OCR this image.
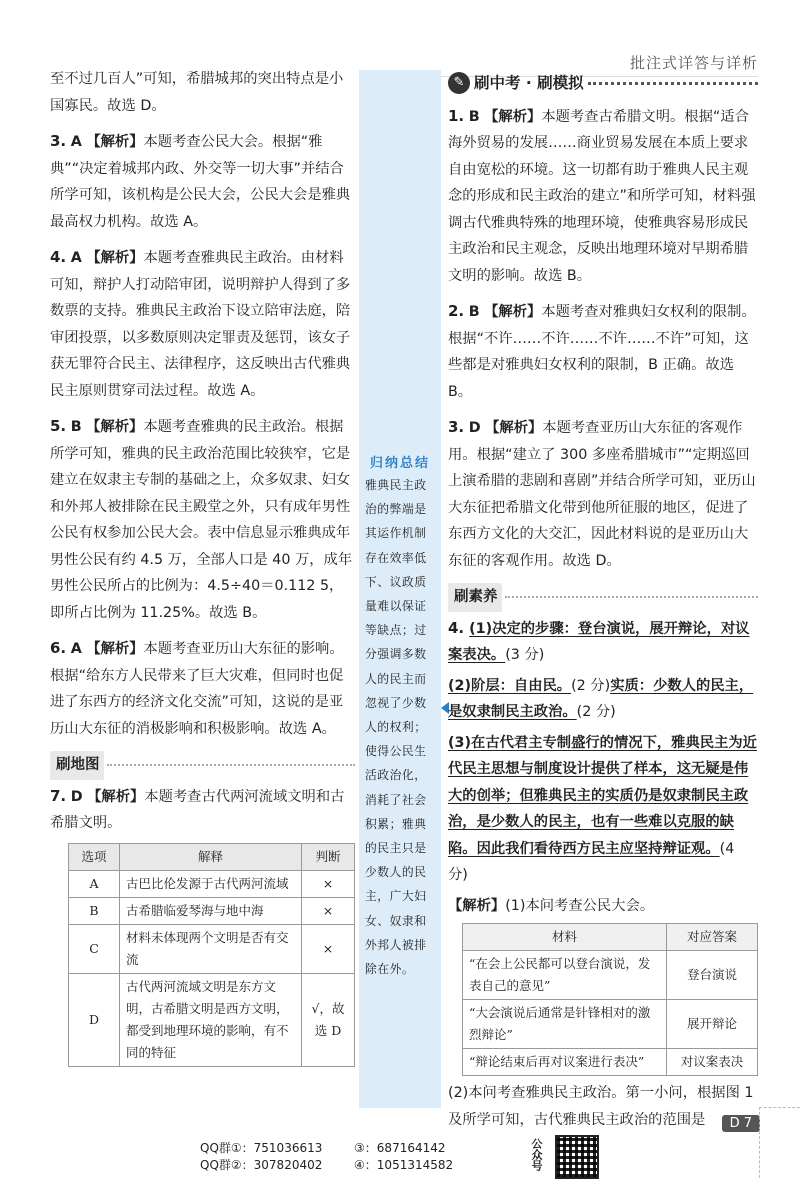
批注式详答与详析

至不过几百人”可知，希腊城邦的突出特点是小国寡民。故选 D。

3. A 【解析】本题考查公民大会。根据“雅典”“决定着城邦内政、外交等一切大事”并结合所学可知，该机构是公民大会，公民大会是雅典最高权力机构。故选 A。

4. A 【解析】本题考查雅典民主政治。由材料可知，辩护人打动陪审团，说明辩护人得到了多数票的支持。雅典民主政治下设立陪审法庭，陪审团投票，以多数原则决定罪责及惩罚，该女子获无罪符合民主、法律程序，这反映出古代雅典民主原则贯穿司法过程。故选 A。

5. B 【解析】本题考查雅典的民主政治。根据所学可知，雅典的民主政治范围比较狭窄，它是建立在奴隶主专制的基础之上，众多奴隶、妇女和外邦人被排除在民主殿堂之外，只有成年男性公民有权参加公民大会。表中信息显示雅典成年男性公民有约 4.5 万，全部人口是 40 万，成年男性公民所占的比例为：4.5÷40＝0.112 5，即所占比例为 11.25%。故选 B。

6. A 【解析】本题考查亚历山大东征的影响。根据“给东方人民带来了巨大灾难，但同时也促进了东西方的经济文化交流”可知，这说的是亚历山大东征的消极影响和积极影响。故选 A。

刷地图

7. D 【解析】本题考查古代两河流域文明和古希腊文明。

选项	解释	判断
A	古巴比伦发源于古代两河流域	×
B	古希腊临爱琴海与地中海	×
C	材料未体现两个文明是否有交流	×
D	古代两河流域文明是东方文明，古希腊文明是西方文明，都受到地理环境的影响，有不同的特征	√，故选 D
归纳总结
雅典民主政治的弊端是其运作机制存在效率低下、议政质量难以保证等缺点；过分强调多数人的民主而忽视了少数人的权利；使得公民生活政治化，消耗了社会积累；雅典的民主只是少数人的民主，广大妇女、奴隶和外邦人被排除在外。
✎ 刷中考 · 刷模拟

1. B 【解析】本题考查古希腊文明。根据“适合海外贸易的发展……商业贸易发展在本质上要求自由宽松的环境。这一切都有助于雅典人民主观念的形成和民主政治的建立”和所学可知，材料强调古代雅典特殊的地理环境，使雅典容易形成民主政治和民主观念，反映出地理环境对早期希腊文明的影响。故选 B。

2. B 【解析】本题考查对雅典妇女权利的限制。根据“不许……不许……不许……不许”可知，这些都是对雅典妇女权利的限制，B 正确。故选 B。

3. D 【解析】本题考查亚历山大东征的客观作用。根据“建立了 300 多座希腊城市”“定期巡回上演希腊的悲剧和喜剧”并结合所学可知，亚历山大东征把希腊文化带到他所征服的地区，促进了东西方文化的大交汇，因此材料说的是亚历山大东征的客观作用。故选 D。

刷素养

4. (1)决定的步骤：登台演说，展开辩论，对议案表决。(3 分)

(2)阶层：自由民。(2 分)实质：少数人的民主，是奴隶制民主政治。(2 分)

(3)在古代君主专制盛行的情况下，雅典民主为近代民主思想与制度设计提供了样本，这无疑是伟大的创举；但雅典民主的实质仍是奴隶制民主政治，是少数人的民主，也有一些难以克服的缺陷。因此我们看待西方民主应坚持辩证观。(4 分)

【解析】(1)本问考查公民大会。

材料	对应答案
“在会上公民都可以登台演说，发表自己的意见”	登台演说
“大会演说后通常是针锋相对的激烈辩论”	展开辩论
“辩论结束后再对议案进行表决”	对议案表决

(2)本问考查雅典民主政治。第一小问，根据图 1 及所学可知，古代雅典民主政治的范围是

QQ群①：751036613	③：687164142
QQ群②：307820402	④：1051314582	公众号
D 7
